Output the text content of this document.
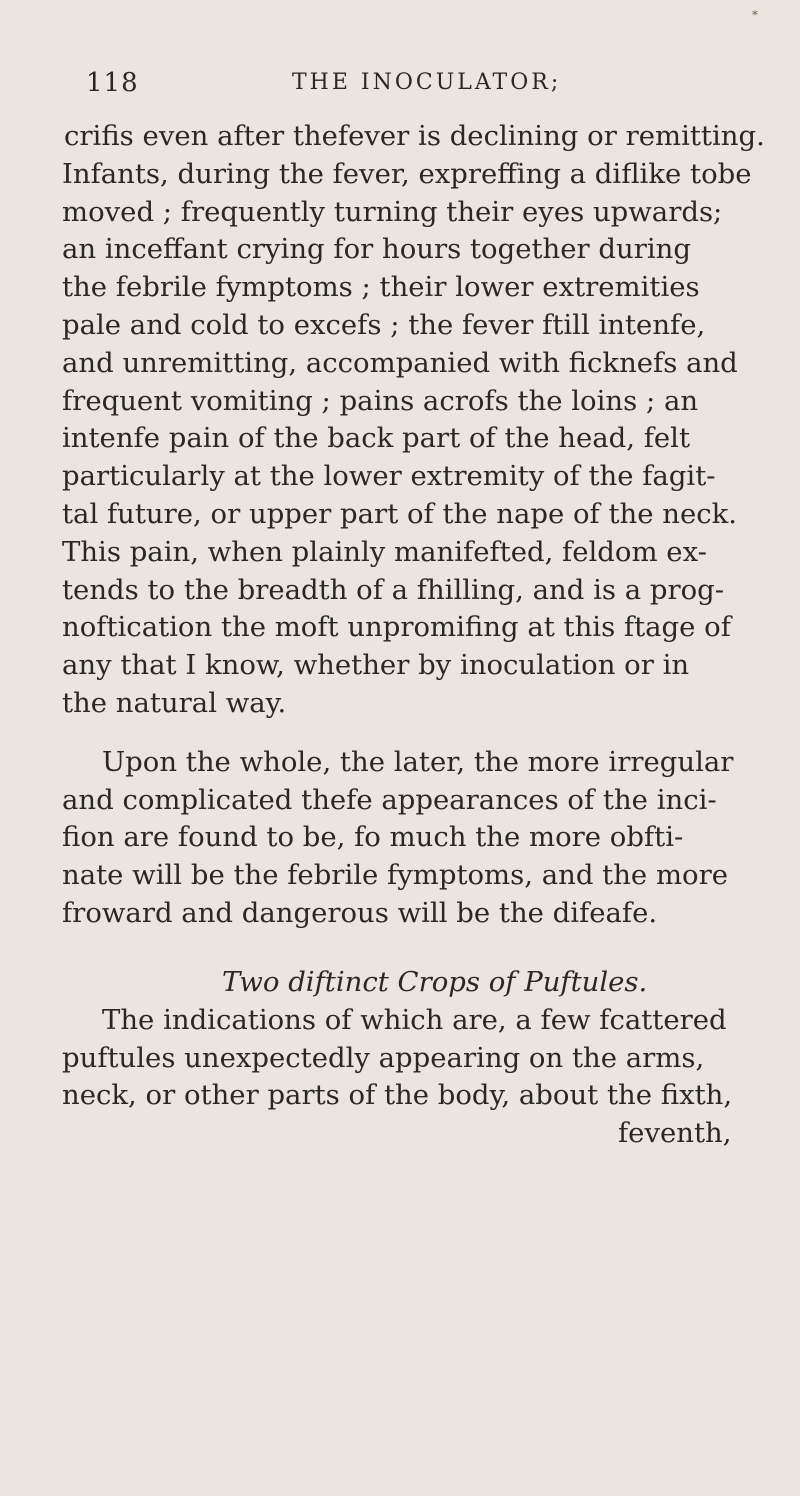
*
118	THE INOCULATOR;
crifis even after thefever is declining or remitting.
Infants, during the fever, expreffing a diflike tobe
moved ; frequently turning their eyes upwards;
an inceffant crying for hours together during
the febrile fymptoms ; their lower extremities
pale and cold to excefs ; the fever ftill intenfe,
and unremitting, accompanied with ficknefs and
frequent vomiting ; pains acrofs the loins ; an
intenfe pain of the back part of the head, felt
particularly at the lower extremity of the fagit-
tal future, or upper part of the nape of the neck.
This pain, when plainly manifefted, feldom ex-
tends to the breadth of a fhilling, and is a prog-
noftication the moft unpromifing at this ftage of
any that I know, whether by inoculation or in
the natural way.
Upon the whole, the later, the more irregular
and complicated thefe appearances of the inci-
fion are found to be, fo much the more obfti-
nate will be the febrile fymptoms, and the more
froward and dangerous will be the difeafe.
Two diftinct Crops of Puftules.
The indications of which are, a few fcattered
puftules unexpectedly appearing on the arms,
neck, or other parts of the body, about the fixth,
feventh,
